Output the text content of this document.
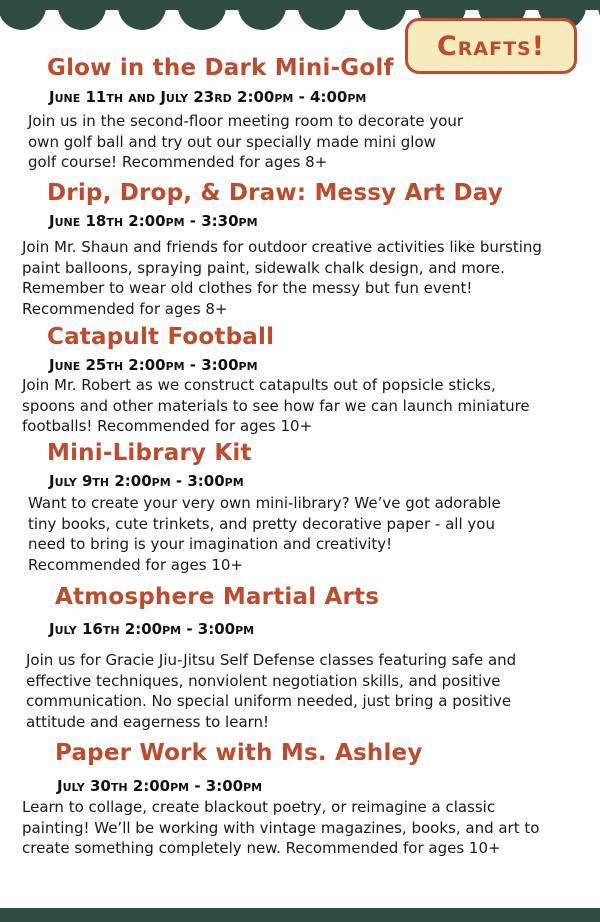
Crafts!
Glow in the Dark Mini-Golf

June 11th and July 23rd 2:00pm - 4:00pm

Join us in the second-floor meeting room to decorate your own golf ball and try out our specially made mini glow golf course! Recommended for ages 8+

Drip, Drop, & Draw: Messy Art Day

June 18th 2:00pm - 3:30pm

Join Mr. Shaun and friends for outdoor creative activities like bursting paint balloons, spraying paint, sidewalk chalk design, and more. Remember to wear old clothes for the messy but fun event! Recommended for ages 8+

Catapult Football

June 25th 2:00pm - 3:00pm

Join Mr. Robert as we construct catapults out of popsicle sticks, spoons and other materials to see how far we can launch miniature footballs! Recommended for ages 10+

Mini-Library Kit

July 9th 2:00pm - 3:00pm

Want to create your very own mini-library? We’ve got adorable tiny books, cute trinkets, and pretty decorative paper - all you need to bring is your imagination and creativity! Recommended for ages 10+

Atmosphere Martial Arts

July 16th 2:00pm - 3:00pm

Join us for Gracie Jiu-Jitsu Self Defense classes featuring safe and effective techniques, nonviolent negotiation skills, and positive communication. No special uniform needed, just bring a positive attitude and eagerness to learn!

Paper Work with Ms. Ashley

July 30th 2:00pm - 3:00pm

Learn to collage, create blackout poetry, or reimagine a classic painting! We’ll be working with vintage magazines, books, and art to create something completely new. Recommended for ages 10+
